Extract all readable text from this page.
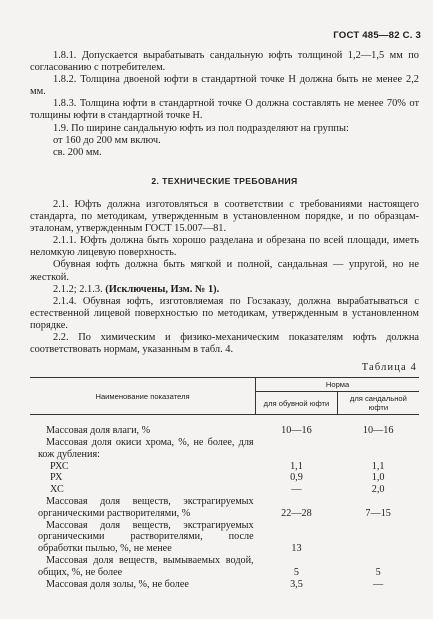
ГОСТ 485—82 С. 3

1.8.1. Допускается вырабатывать сандальную юфть толщиной 1,2—1,5 мм по согласованию с потребителем.

1.8.2. Толщина двоеной юфти в стандартной точке H должна быть не менее 2,2 мм.

1.8.3. Толщина юфти в стандартной точке O должна составлять не менее 70% от толщины юфти в стандартной точке H.

1.9. По ширине сандальную юфть из пол подразделяют на группы:

от 160 до 200 мм включ.

св. 200 мм.

2. ТЕХНИЧЕСКИЕ ТРЕБОВАНИЯ

2.1. Юфть должна изготовляться в соответствии с требованиями настоящего стандарта, по методикам, утвержденным в установленном порядке, и по образцам-эталонам, утвержденным ГОСТ 15.007—81.

2.1.1. Юфть должна быть хорошо разделана и обрезана по всей площади, иметь неломкую лицевую поверхность.

Обувная юфть должна быть мягкой и полной, сандальная — упругой, но не жесткой.

2.1.2; 2.1.3. (Исключены, Изм. № 1).

2.1.4. Обувная юфть, изготовляемая по Госзаказу, должна вырабатываться с естественной лицевой поверхностью по методикам, утвержденным в установленном порядке.

2.2. По химическим и физико-механическим показателям юфть должна соответствовать нормам, указанным в табл. 4.

Таблица 4
Наименование показателя	Норма	
	для обувной юфти	для сандальной юфти
Массовая доля влаги, %	10—16	10—16
Массовая доля окиси хрома, %, не более, для кож дубления:		
РХС	1,1	1,1
РХ	0,9	1,0
ХС	—	2,0
Массовая доля веществ, экстрагируемых органическими растворителями, %	22—28	7—15
Массовая доля веществ, экстрагируемых органическими растворителями, после обработки пылью, %, не менее	13	
Массовая доля веществ, вымываемых водой, общих, %, не более	5	5
Массовая доля золы, %, не более	3,5	—
